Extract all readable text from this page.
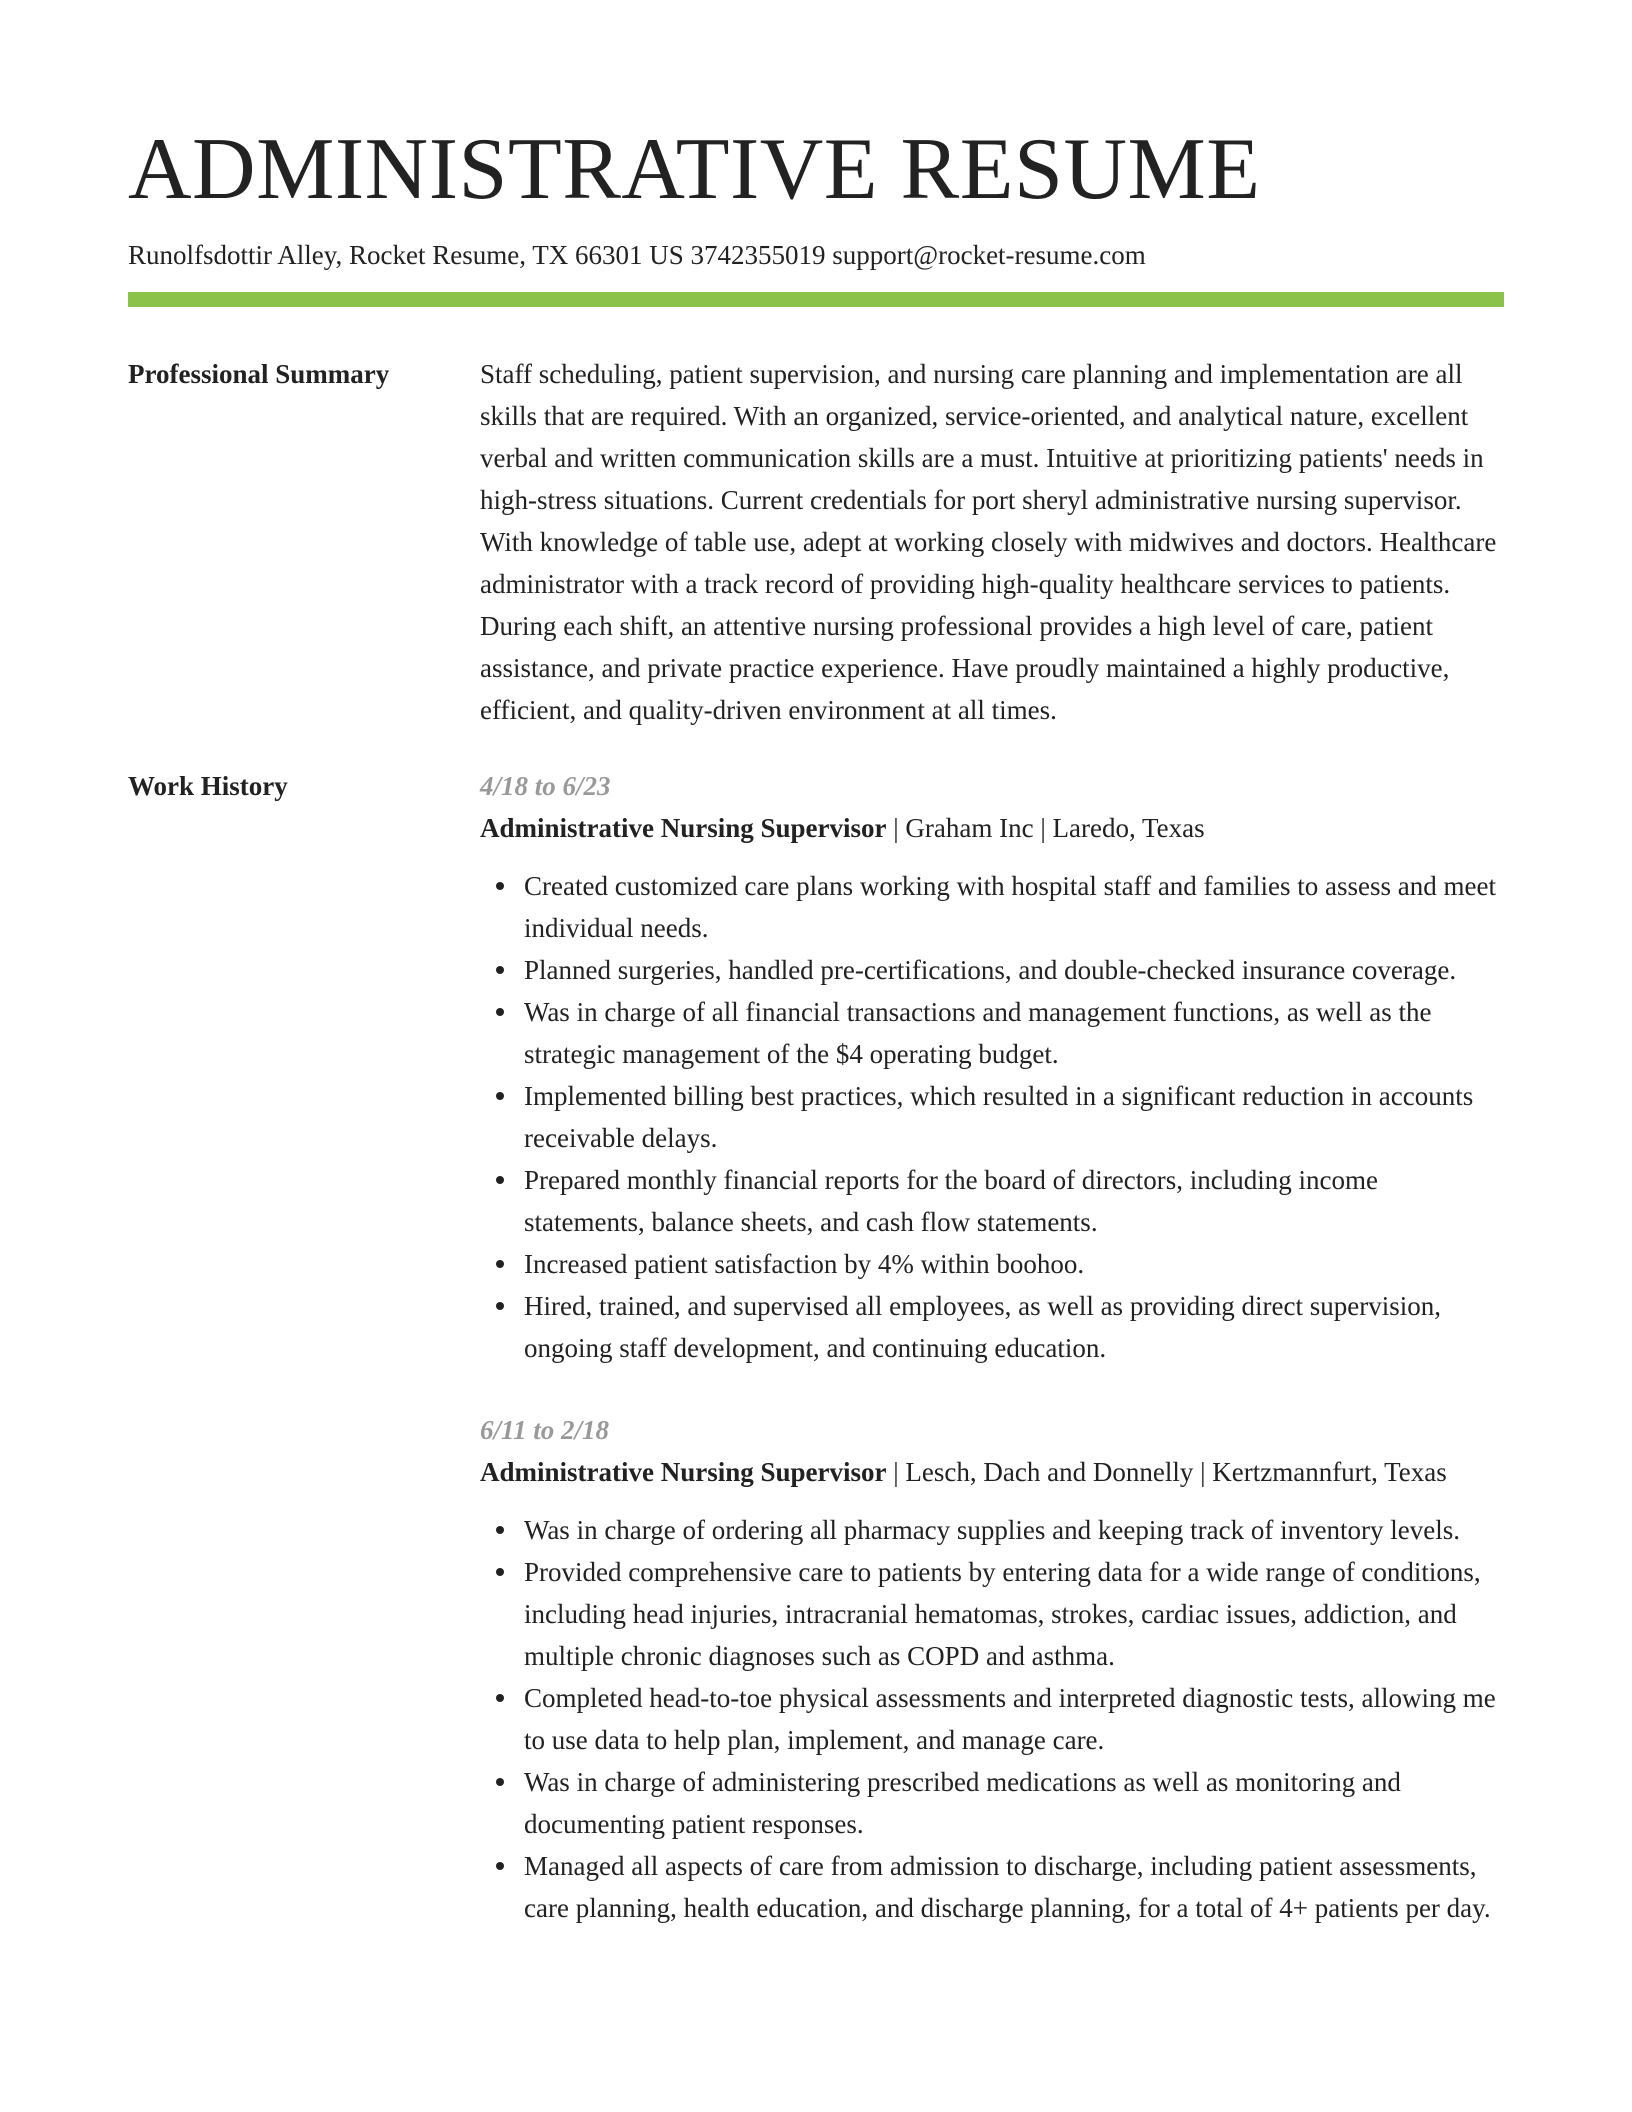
ADMINISTRATIVE RESUME
Runolfsdottir Alley, Rocket Resume, TX 66301 US 3742355019 support@rocket-resume.com
Professional Summary	Staff scheduling, patient supervision, and nursing care planning and implementation are all skills that are required. With an organized, service-oriented, and analytical nature, excellent verbal and written communication skills are a must. Intuitive at prioritizing patients' needs in high-stress situations. Current credentials for port sheryl administrative nursing supervisor. With knowledge of table use, adept at working closely with midwives and doctors. Healthcare administrator with a track record of providing high-quality healthcare services to patients. During each shift, an attentive nursing professional provides a high level of care, patient assistance, and private practice experience. Have proudly maintained a highly productive, efficient, and quality-driven environment at all times.

Work History	4/18 to 6/23
Administrative Nursing Supervisor | Graham Inc | Laredo, Texas
Created customized care plans working with hospital staff and families to assess and meet individual needs.
Planned surgeries, handled pre-certifications, and double-checked insurance coverage.
Was in charge of all financial transactions and management functions, as well as the strategic management of the $4 operating budget.
Implemented billing best practices, which resulted in a significant reduction in accounts receivable delays.
Prepared monthly financial reports for the board of directors, including income statements, balance sheets, and cash flow statements.
Increased patient satisfaction by 4% within boohoo.
Hired, trained, and supervised all employees, as well as providing direct supervision, ongoing staff development, and continuing education.
6/11 to 2/18
Administrative Nursing Supervisor | Lesch, Dach and Donnelly | Kertzmannfurt, Texas
Was in charge of ordering all pharmacy supplies and keeping track of inventory levels.
Provided comprehensive care to patients by entering data for a wide range of conditions, including head injuries, intracranial hematomas, strokes, cardiac issues, addiction, and multiple chronic diagnoses such as COPD and asthma.
Completed head-to-toe physical assessments and interpreted diagnostic tests, allowing me to use data to help plan, implement, and manage care.
Was in charge of administering prescribed medications as well as monitoring and documenting patient responses.
Managed all aspects of care from admission to discharge, including patient assessments, care planning, health education, and discharge planning, for a total of 4+ patients per day.
